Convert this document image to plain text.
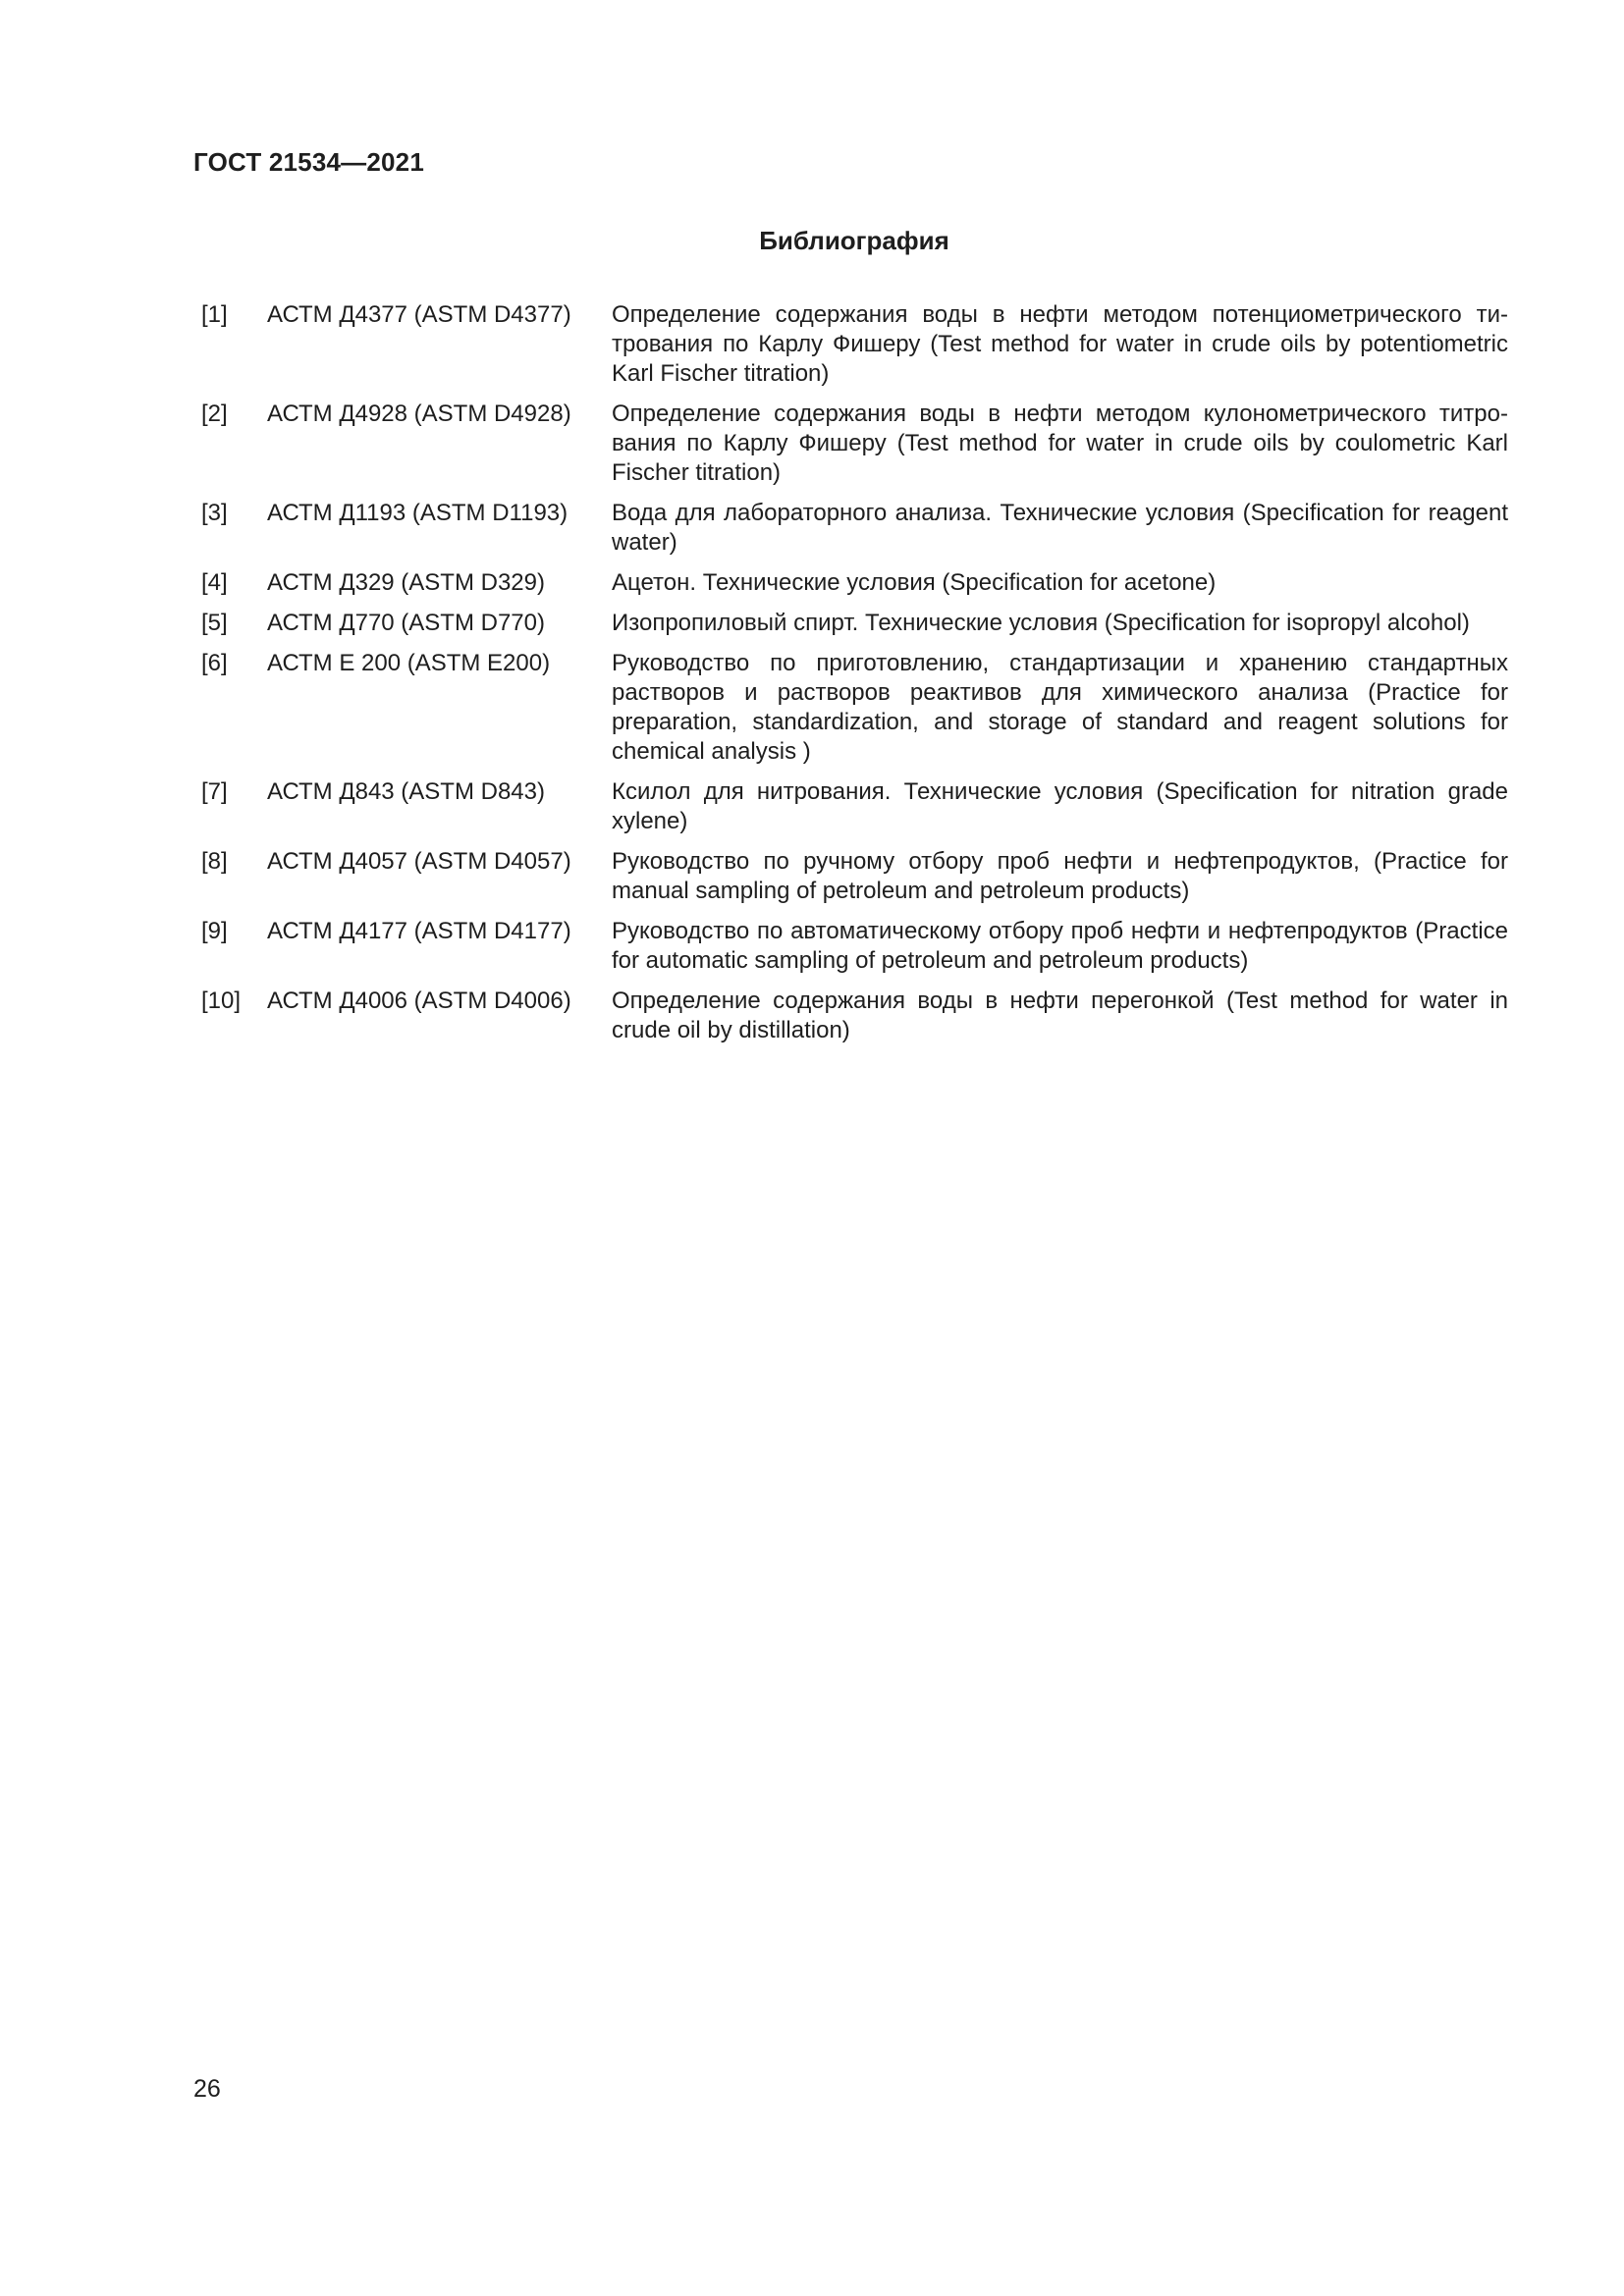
ГОСТ 21534—2021
Библиография
[1]	АСТМ Д4377 (ASTM D4377)	Определение содержания воды в нефти методом потенциометрического титрования по Карлу Фишеру (Test method for water in crude oils by potentiometric Karl Fischer titration)
[2]	АСТМ Д4928 (ASTM D4928)	Определение содержания воды в нефти методом кулонометрического титрования по Карлу Фишеру (Test method for water in crude oils by coulometric Karl Fischer titration)
[3]	АСТМ Д1193 (ASTM D1193)	Вода для лабораторного анализа. Технические условия (Specification for reagent water)
[4]	АСТМ Д329 (ASTM D329)	Ацетон. Технические условия (Specification for acetone)
[5]	АСТМ Д770 (ASTM D770)	Изопропиловый спирт. Технические условия (Specification for isopropyl alcohol)
[6]	АСТМ Е 200 (ASTM E200)	Руководство по приготовлению, стандартизации и хранению стандартных растворов и растворов реактивов для химического анализа (Practice for preparation, standardization, and storage of standard and reagent solutions for chemical analysis )
[7]	АСТМ Д843 (ASTM D843)	Ксилол для нитрования. Технические условия (Specification for nitration grade xylene)
[8]	АСТМ Д4057 (ASTM D4057)	Руководство по ручному отбору проб нефти и нефтепродуктов, (Practice for manual sampling of petroleum and petroleum products)
[9]	АСТМ Д4177 (ASTM D4177)	Руководство по автоматическому отбору проб нефти и нефтепродуктов (Practice for automatic sampling of petroleum and petroleum products)
[10]	АСТМ Д4006 (ASTM D4006)	Определение содержания воды в нефти перегонкой (Test method for water in crude oil by distillation)
26
